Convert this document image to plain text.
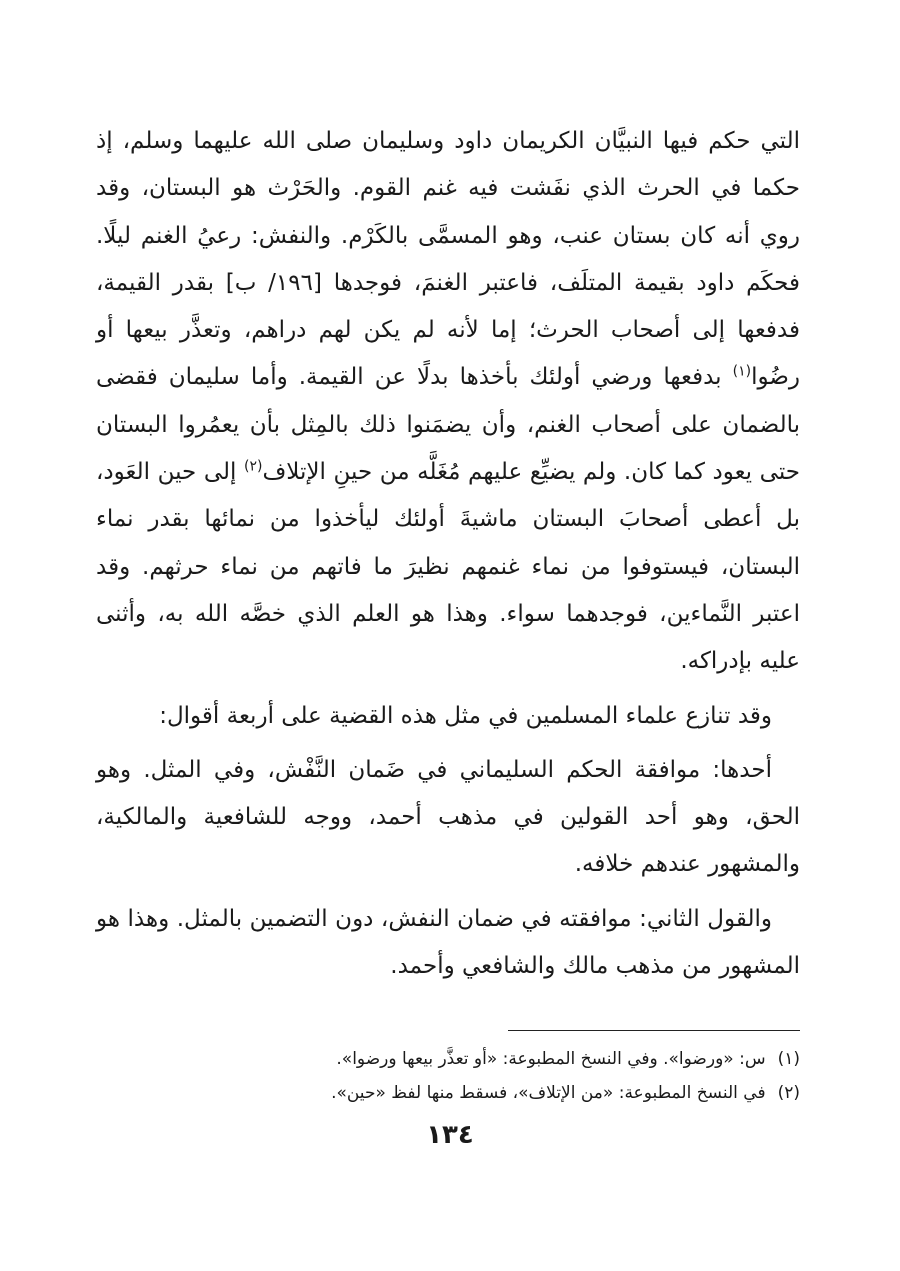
التي حكم فيها النبيَّان الكريمان داود وسليمان صلى الله عليهما وسلم، إذ حكما في الحرث الذي نفَشت فيه غنم القوم. والحَرْث هو البستان، وقد روي أنه كان بستان عنب، وهو المسمَّى بالكَرْم. والنفش: رعيُ الغنم ليلًا. فحكَم داود بقيمة المتلَف، فاعتبر الغنمَ، فوجدها [١٩٦/ ب] بقدر القيمة، فدفعها إلى أصحاب الحرث؛ إما لأنه لم يكن لهم دراهم، وتعذَّر بيعها أو رضُوا$^{(١)}$ بدفعها ورضي أولئك بأخذها بدلًا عن القيمة. وأما سليمان فقضى بالضمان على أصحاب الغنم، وأن يضمَنوا ذلك بالمِثل بأن يعمُروا البستان حتى يعود كما كان. ولم يضيِّع عليهم مُغَلَّه من حينِ الإتلاف$^{(٢)}$ إلى حين العَود، بل أعطى أصحابَ البستان ماشيةَ أولئك ليأخذوا من نمائها بقدر نماء البستان، فيستوفوا من نماء غنمهم نظيرَ ما فاتهم من نماء حرثهم. وقد اعتبر النَّماءين، فوجدهما سواء. وهذا هو العلم الذي خصَّه الله به، وأثنى عليه بإدراكه.

وقد تنازع علماء المسلمين في مثل هذه القضية على أربعة أقوال:

أحدها: موافقة الحكم السليماني في ضَمان النَّفْش، وفي المثل. وهو الحق، وهو أحد القولين في مذهب أحمد، ووجه للشافعية والمالكية، والمشهور عندهم خلافه.

والقول الثاني: موافقته في ضمان النفش، دون التضمين بالمثل. وهذا هو المشهور من مذهب مالك والشافعي وأحمد.

(١)س: «ورضوا». وفي النسخ المطبوعة: «أو تعذَّر بيعها ورضوا».

(٢)في النسخ المطبوعة: «من الإتلاف»، فسقط منها لفظ «حين».

١٣٤
